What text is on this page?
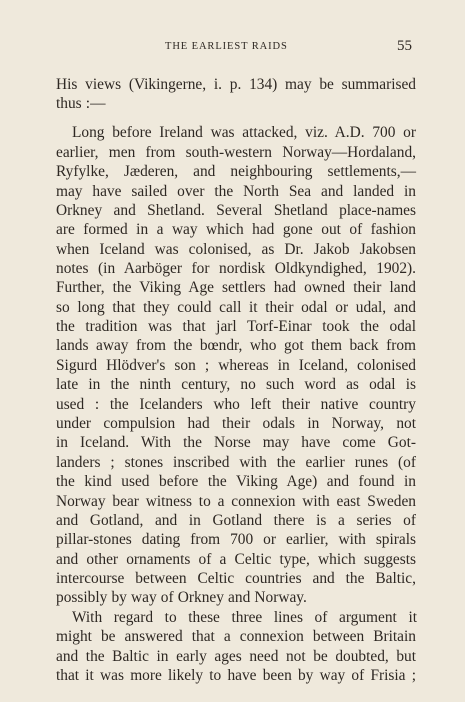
THE EARLIEST RAIDS	55
His views (Vikingerne, i. p. 134) may be summarised
thus :—
Long before Ireland was attacked, viz. A.D. 700 or
earlier, men from south-western Norway—Hordaland,
Ryfylke, Jæderen, and neighbouring settlements,—
may have sailed over the North Sea and landed in
Orkney and Shetland. Several Shetland place-names
are formed in a way which had gone out of fashion
when Iceland was colonised, as Dr. Jakob Jakobsen
notes (in Aarböger for nordisk Oldkyndighed, 1902).
Further, the Viking Age settlers had owned their land
so long that they could call it their odal or udal, and
the tradition was that jarl Torf-Einar took the odal
lands away from the bœndr, who got them back from
Sigurd Hlödver's son ; whereas in Iceland, colonised
late in the ninth century, no such word as odal is
used : the Icelanders who left their native country
under compulsion had their odals in Norway, not
in Iceland. With the Norse may have come Got-
landers ; stones inscribed with the earlier runes (of
the kind used before the Viking Age) and found in
Norway bear witness to a connexion with east Sweden
and Gotland, and in Gotland there is a series of
pillar-stones dating from 700 or earlier, with spirals
and other ornaments of a Celtic type, which suggests
intercourse between Celtic countries and the Baltic,
possibly by way of Orkney and Norway.
With regard to these three lines of argument it
might be answered that a connexion between Britain
and the Baltic in early ages need not be doubted, but
that it was more likely to have been by way of Frisia ;
